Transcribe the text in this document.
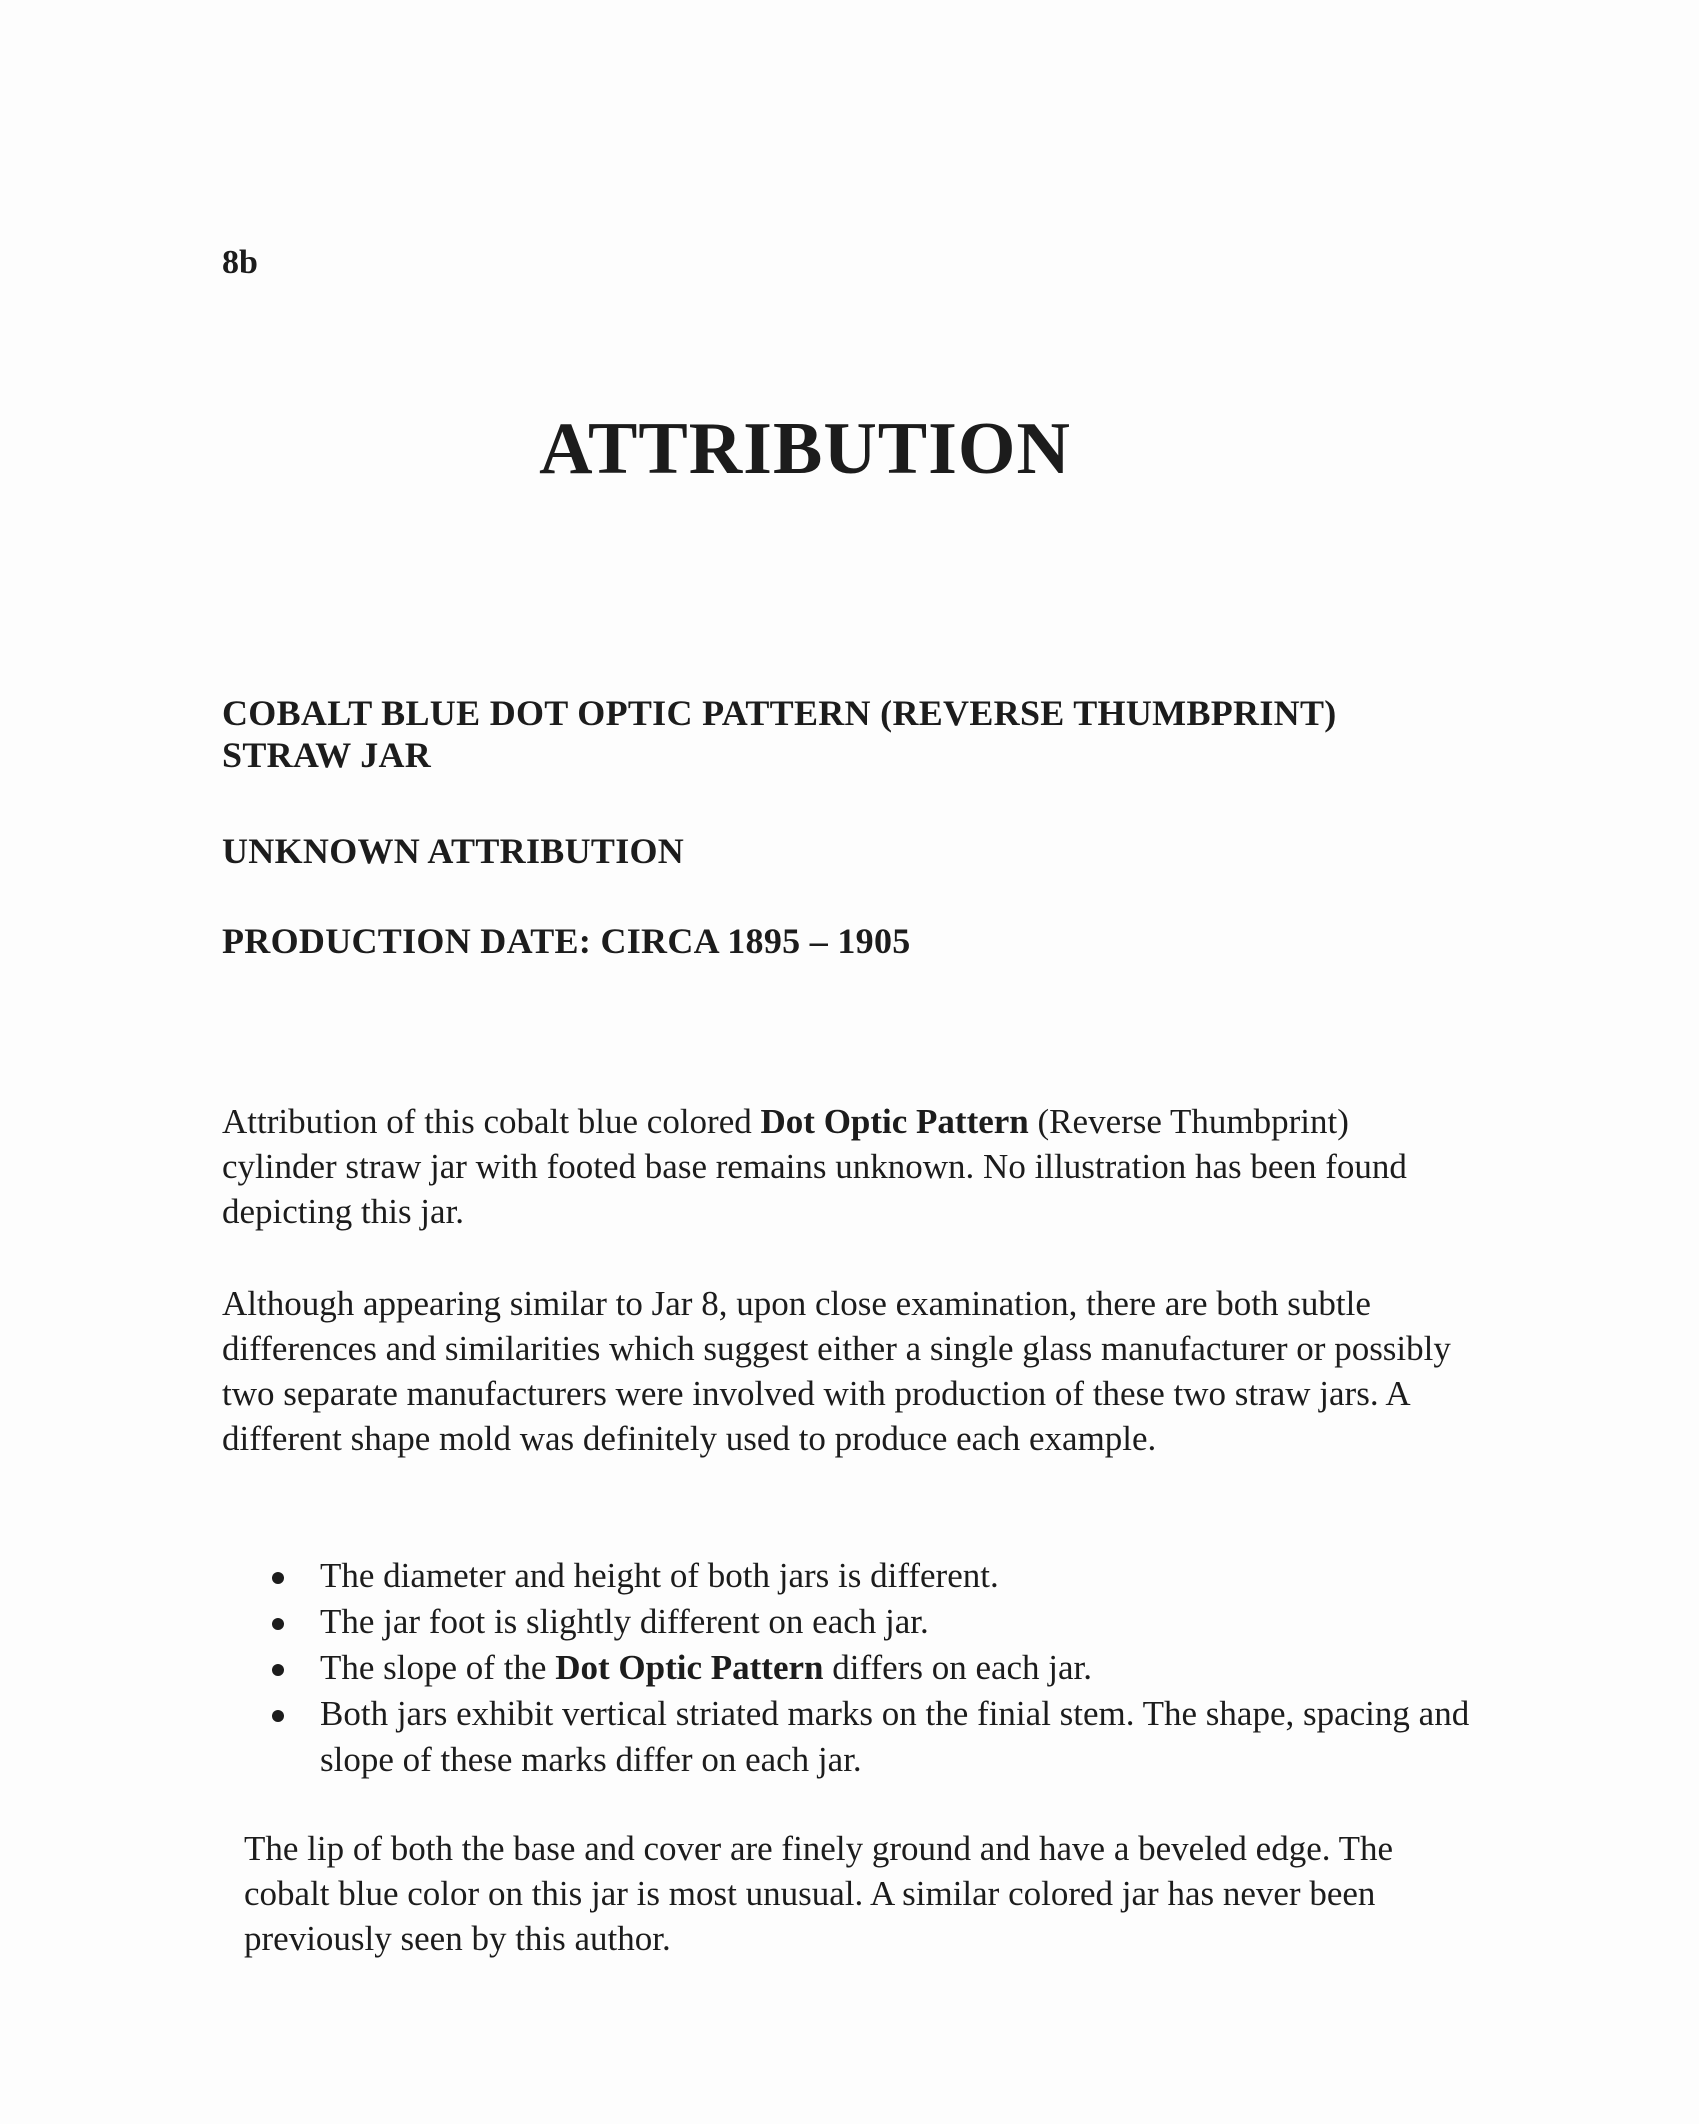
8b
ATTRIBUTION
COBALT BLUE DOT OPTIC PATTERN (REVERSE THUMBPRINT)
STRAW JAR
UNKNOWN ATTRIBUTION
PRODUCTION DATE: CIRCA 1895 – 1905

Attribution of this cobalt blue colored Dot Optic Pattern (Reverse Thumbprint) cylinder straw jar with footed base remains unknown. No illustration has been found depicting this jar.

Although appearing similar to Jar 8, upon close examination, there are both subtle differences and similarities which suggest either a single glass manufacturer or possibly two separate manufacturers were involved with production of these two straw jars. A different shape mold was definitely used to produce each example.

The diameter and height of both jars is different.
The jar foot is slightly different on each jar.
The slope of the Dot Optic Pattern differs on each jar.
Both jars exhibit vertical striated marks on the finial stem. The shape, spacing and slope of these marks differ on each jar.

The lip of both the base and cover are finely ground and have a beveled edge. The cobalt blue color on this jar is most unusual. A similar colored jar has never been previously seen by this author.
